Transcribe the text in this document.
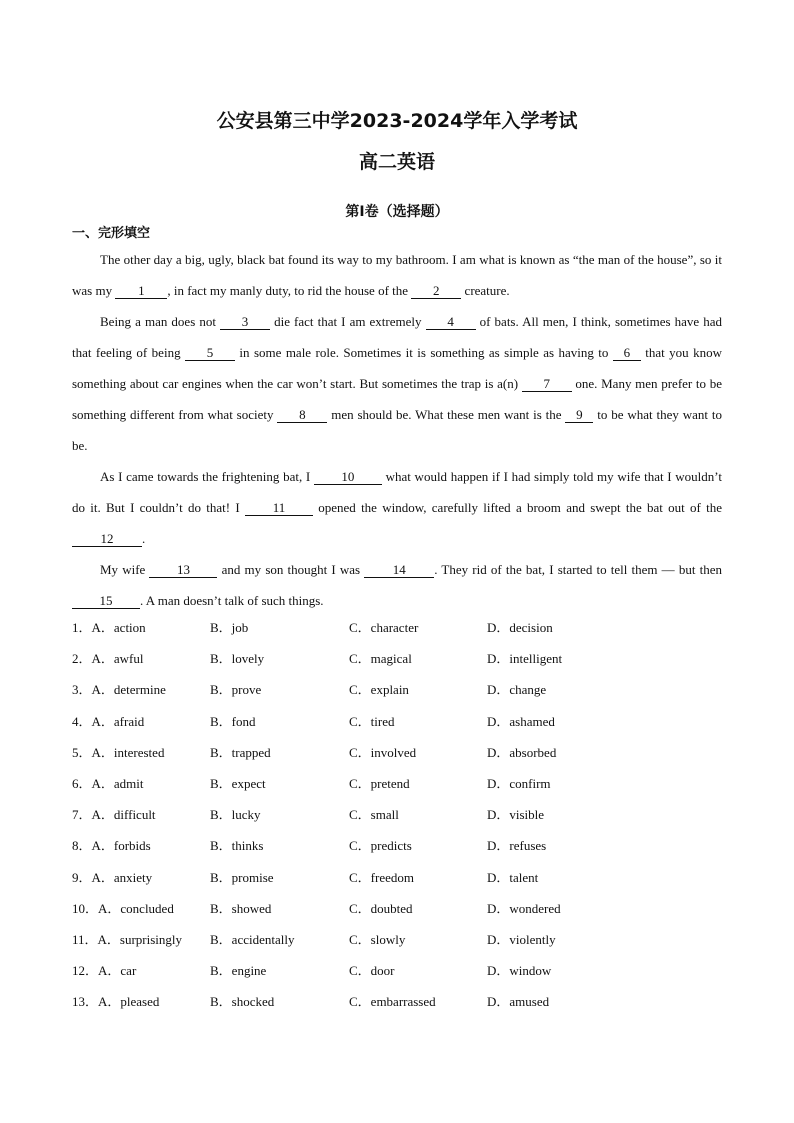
公安县第三中学2023-2024学年入学考试
高二英语
第Ⅰ卷（选择题）
一、完形填空

The other day a big, ugly, black bat found its way to my bathroom. I am what is known as “the man of the house”, so it was my 1 , in fact my manly duty, to rid the house of the 2 creature.

Being a man does not 3 die fact that I am extremely 4 of bats. All men, I think, sometimes have had that feeling of being 5 in some male role. Sometimes it is something as simple as having to 6 that you know something about car engines when the car won’t start. But sometimes the trap is a(n) 7 one. Many men prefer to be something different from what society 8 men should be. What these men want is the 9 to be what they want to be.

As I came towards the frightening bat, I 10 what would happen if I had simply told my wife that I wouldn’t do it. But I couldn’t do that! I 11 opened the window, carefully lifted a broom and swept the bat out of the 12 .

My wife 13 and my son thought I was 14 . They rid of the bat, I started to tell them — but then 15 . A man doesn’t talk of such things.

1．A．action	B．job	C．character	D．decision
2．A．awful	B．lovely	C．magical	D．intelligent
3．A．determine	B．prove	C．explain	D．change
4．A．afraid	B．fond	C．tired	D．ashamed
5．A．interested	B．trapped	C．involved	D．absorbed
6．A．admit	B．expect	C．pretend	D．confirm
7．A．difficult	B．lucky	C．small	D．visible
8．A．forbids	B．thinks	C．predicts	D．refuses
9．A．anxiety	B．promise	C．freedom	D．talent
10．A．concluded	B．showed	C．doubted	D．wondered
11．A．surprisingly B．accidentally	C．slowly	D．violently
12．A．car	B．engine	C．door	D．window
13．A．pleased	B．shocked	C．embarrassed	D．amused
